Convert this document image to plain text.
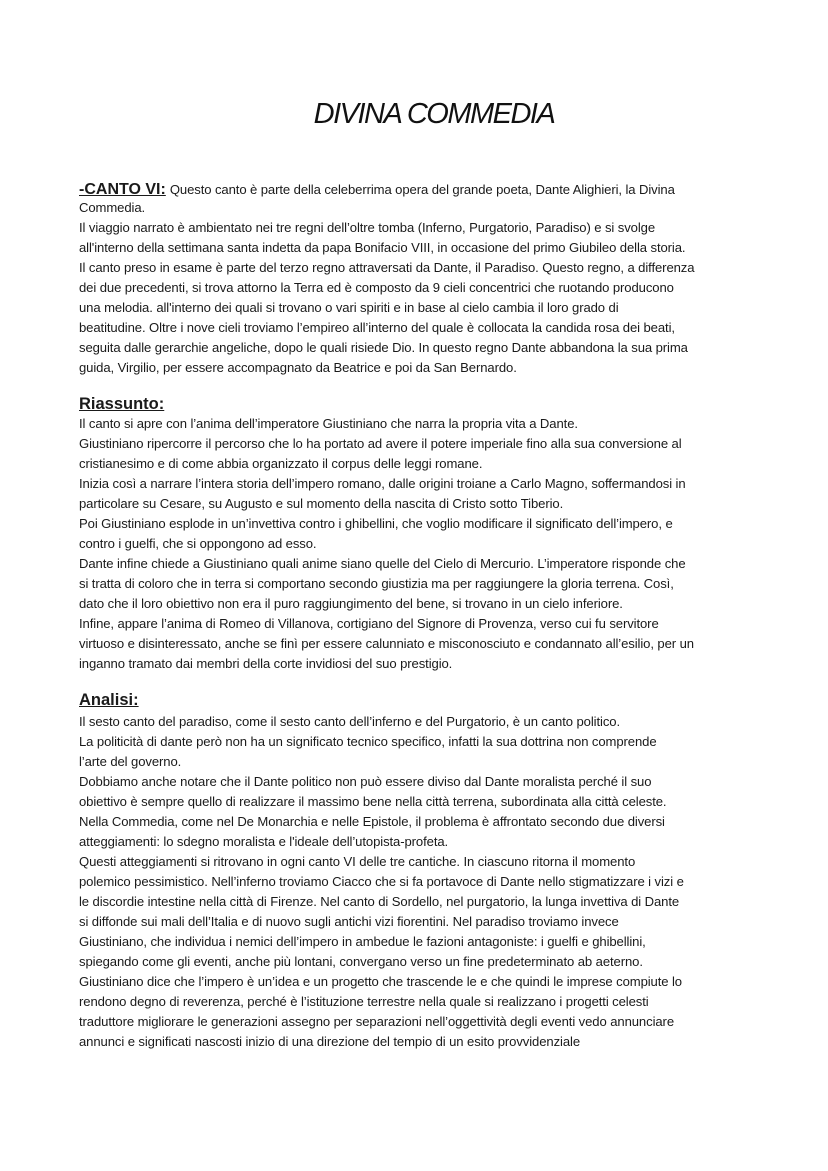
DIVINA COMMEDIA
-CANTO VI: Questo canto è parte della celeberrima opera del grande poeta, Dante Alighieri, la Divina
Commedia.
Il viaggio narrato è ambientato nei tre regni dell’oltre tomba (Inferno, Purgatorio, Paradiso) e si svolge
all'interno della settimana santa indetta da papa Bonifacio VIII, in occasione del primo Giubileo della storia.
Il canto preso in esame è parte del terzo regno attraversati da Dante, il Paradiso. Questo regno, a differenza
dei due precedenti, si trova attorno la Terra ed è composto da 9 cieli concentrici che ruotando producono
una melodia. all'interno dei quali si trovano o vari spiriti e in base al cielo cambia il loro grado di
beatitudine. Oltre i nove cieli troviamo l’empireo all’interno del quale è collocata la candida rosa dei beati,
seguita dalle gerarchie angeliche, dopo le quali risiede Dio. In questo regno Dante abbandona la sua prima
guida, Virgilio, per essere accompagnato da Beatrice e poi da San Bernardo.
Riassunto:
Il canto si apre con l’anima dell’imperatore Giustiniano che narra la propria vita a Dante.
Giustiniano ripercorre il percorso che lo ha portato ad avere il potere imperiale fino alla sua conversione al
cristianesimo e di come abbia organizzato il corpus delle leggi romane.
Inizia così a narrare l’intera storia dell’impero romano, dalle origini troiane a Carlo Magno, soffermandosi in
particolare su Cesare, su Augusto e sul momento della nascita di Cristo sotto Tiberio.
Poi Giustiniano esplode in un’invettiva contro i ghibellini, che voglio modificare il significato dell’impero, e
contro i guelfi, che si oppongono ad esso.
Dante infine chiede a Giustiniano quali anime siano quelle del Cielo di Mercurio. L’imperatore risponde che
si tratta di coloro che in terra si comportano secondo giustizia ma per raggiungere la gloria terrena. Così,
dato che il loro obiettivo non era il puro raggiungimento del bene, si trovano in un cielo inferiore.
Infine, appare l’anima di Romeo di Villanova, cortigiano del Signore di Provenza, verso cui fu servitore
virtuoso e disinteressato, anche se finì per essere calunniato e misconosciuto e condannato all’esilio, per un
inganno tramato dai membri della corte invidiosi del suo prestigio.
Analisi:
Il sesto canto del paradiso, come il sesto canto dell’inferno e del Purgatorio, è un canto politico.
La politicità di dante però non ha un significato tecnico specifico, infatti la sua dottrina non comprende
l’arte del governo.
Dobbiamo anche notare che il Dante politico non può essere diviso dal Dante moralista perché il suo
obiettivo è sempre quello di realizzare il massimo bene nella città terrena, subordinata alla città celeste.
Nella Commedia, come nel De Monarchia e nelle Epistole, il problema è affrontato secondo due diversi
atteggiamenti: lo sdegno moralista e l'ideale dell’utopista-profeta.
Questi atteggiamenti si ritrovano in ogni canto VI delle tre cantiche. In ciascuno ritorna il momento
polemico pessimistico. Nell’inferno troviamo Ciacco che si fa portavoce di Dante nello stigmatizzare i vizi e
le discordie intestine nella città di Firenze. Nel canto di Sordello, nel purgatorio, la lunga invettiva di Dante
si diffonde sui mali dell’Italia e di nuovo sugli antichi vizi fiorentini. Nel paradiso troviamo invece
Giustiniano, che individua i nemici dell’impero in ambedue le fazioni antagoniste: i guelfi e ghibellini,
spiegando come gli eventi, anche più lontani, convergano verso un fine predeterminato ab aeterno.
Giustiniano dice che l’impero è un’idea e un progetto che trascende le e che quindi le imprese compiute lo
rendono degno di reverenza, perché è l’istituzione terrestre nella quale si realizzano i progetti celesti
traduttore migliorare le generazioni assegno per separazioni nell’oggettività degli eventi vedo annunciare
annunci e significati nascosti inizio di una direzione del tempio di un esito provvidenziale
